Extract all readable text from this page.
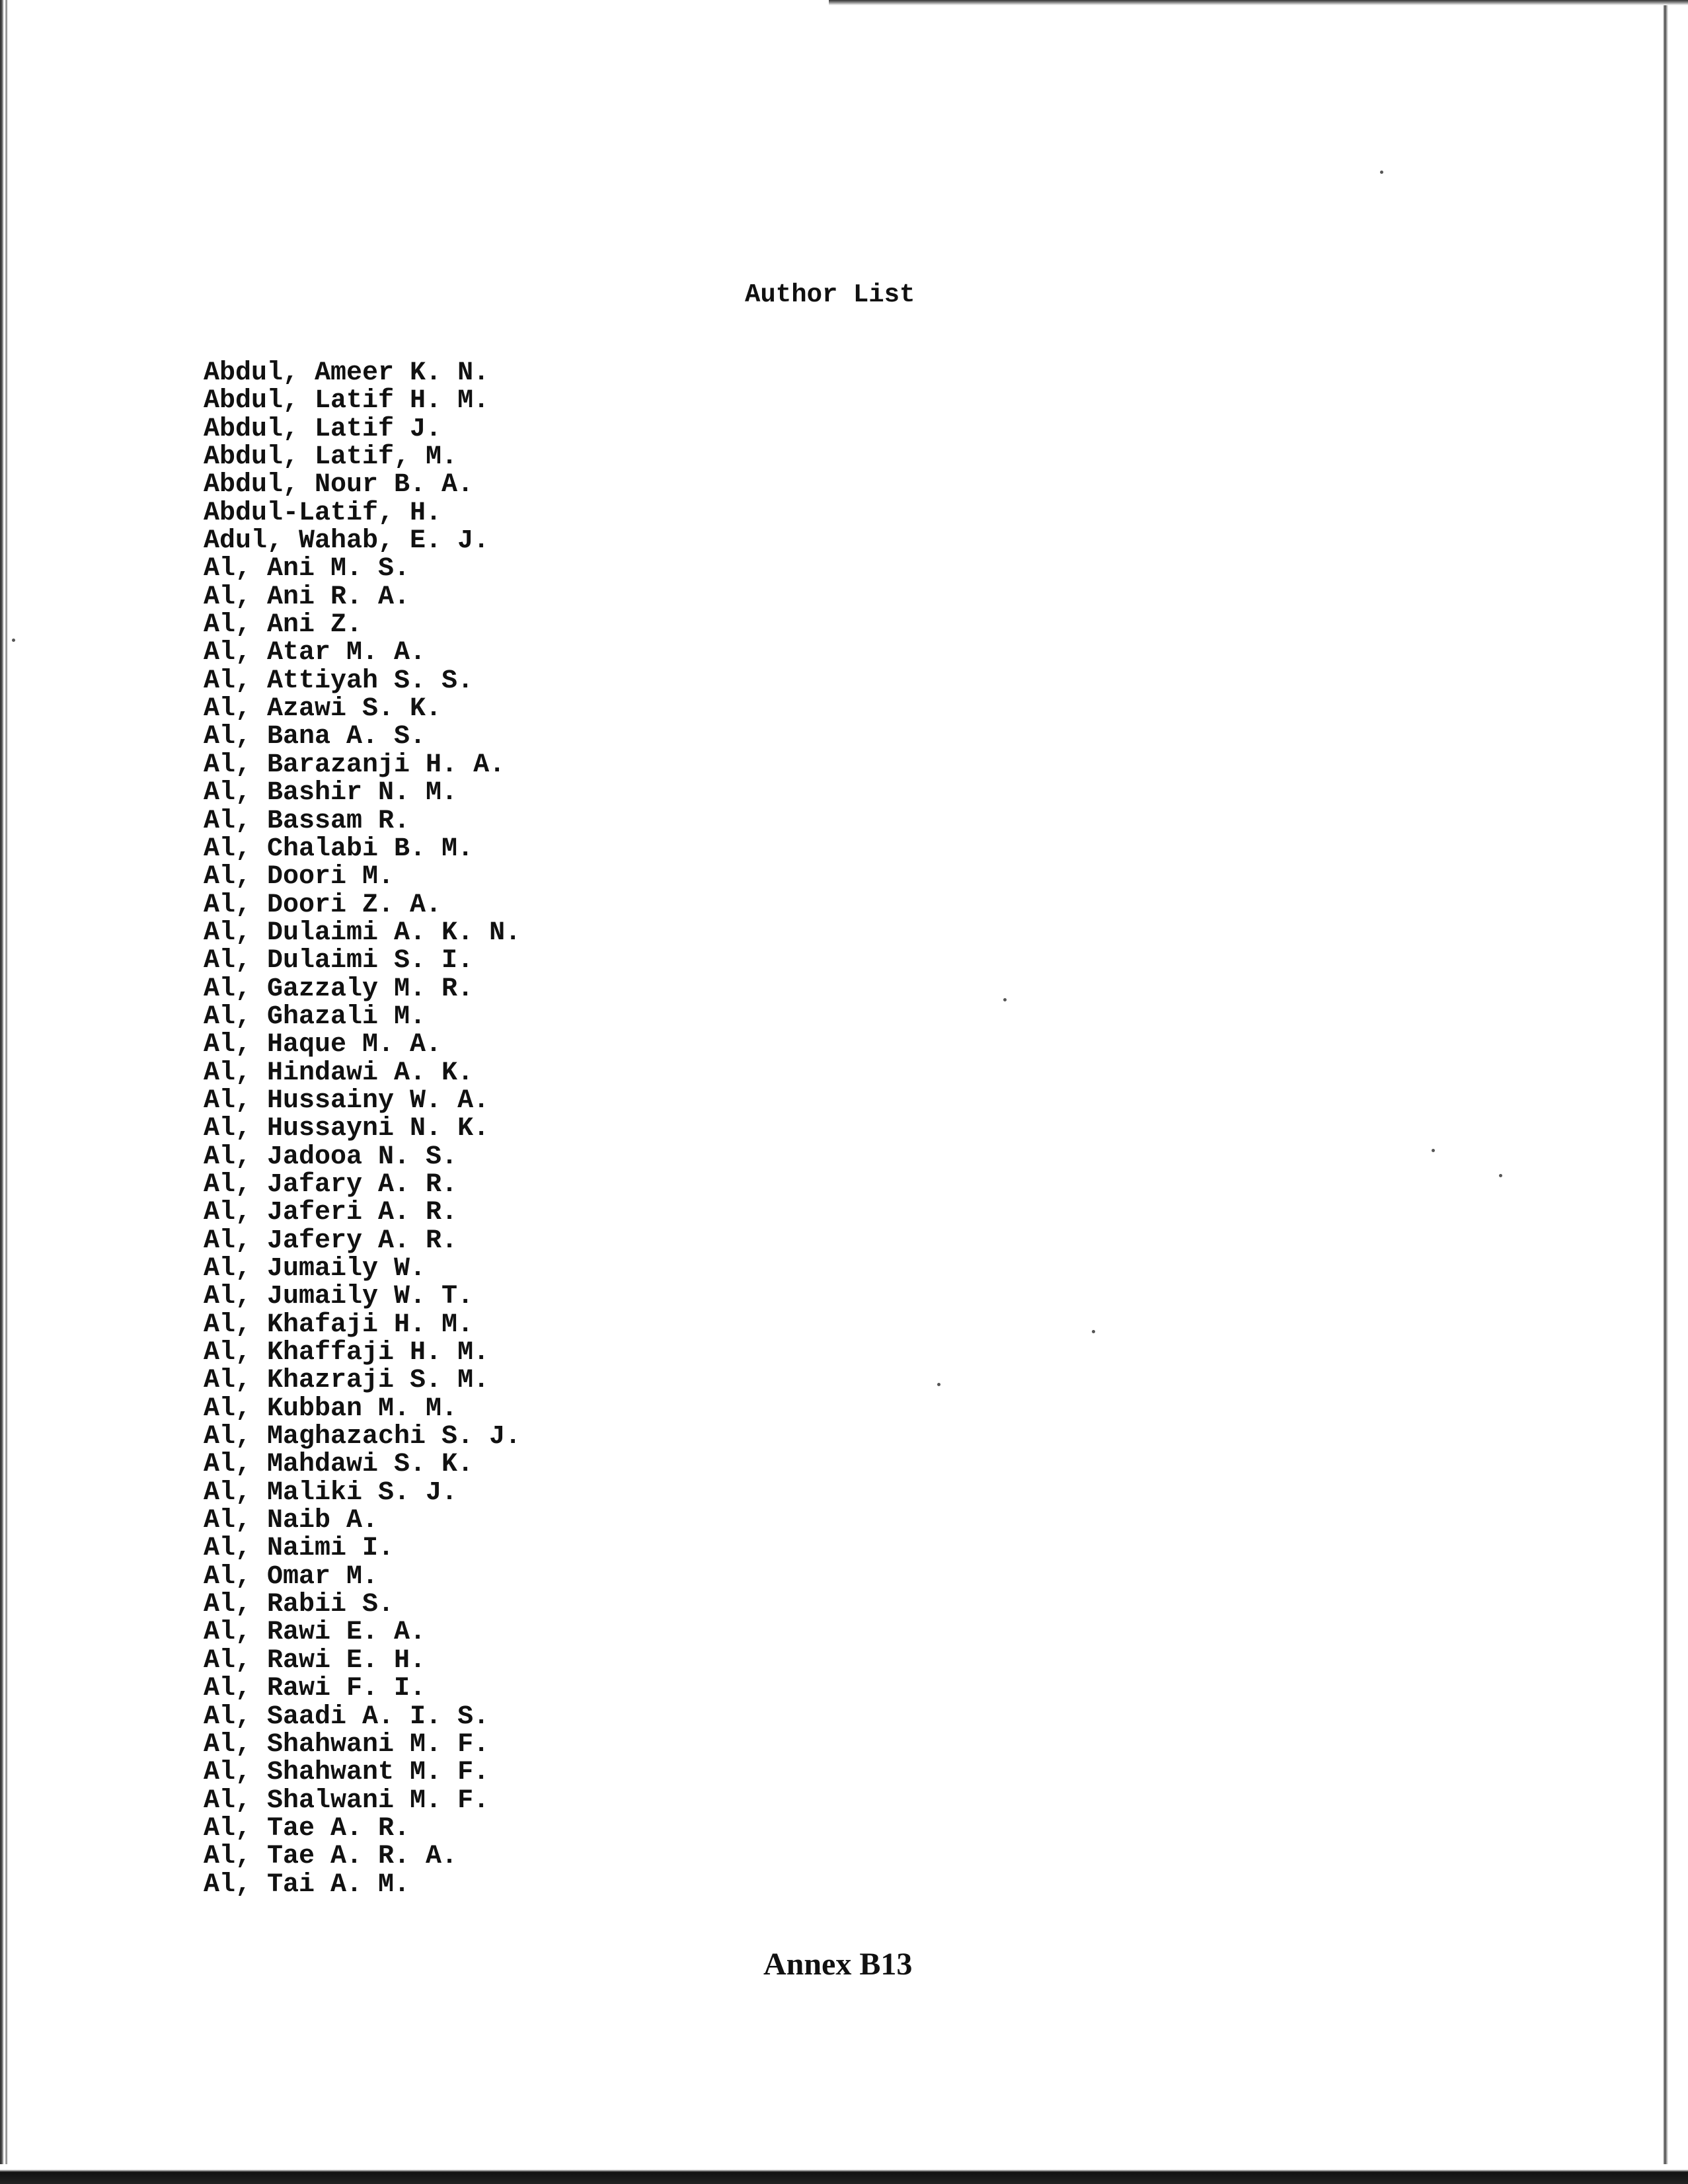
Author List
Abdul, Ameer K. N.
Abdul, Latif H. M.
Abdul, Latif J.
Abdul, Latif, M.
Abdul, Nour B. A.
Abdul-Latif, H.
Adul, Wahab, E. J.
Al, Ani M. S.
Al, Ani R. A.
Al, Ani Z.
Al, Atar M. A.
Al, Attiyah S. S.
Al, Azawi S. K.
Al, Bana A. S.
Al, Barazanji H. A.
Al, Bashir N. M.
Al, Bassam R.
Al, Chalabi B. M.
Al, Doori M.
Al, Doori Z. A.
Al, Dulaimi A. K. N.
Al, Dulaimi S. I.
Al, Gazzaly M. R.
Al, Ghazali M.
Al, Haque M. A.
Al, Hindawi A. K.
Al, Hussainy W. A.
Al, Hussayni N. K.
Al, Jadooa N. S.
Al, Jafary A. R.
Al, Jaferi A. R.
Al, Jafery A. R.
Al, Jumaily W.
Al, Jumaily W. T.
Al, Khafaji H. M.
Al, Khaffaji H. M.
Al, Khazraji S. M.
Al, Kubban M. M.
Al, Maghazachi S. J.
Al, Mahdawi S. K.
Al, Maliki S. J.
Al, Naib A.
Al, Naimi I.
Al, Omar M.
Al, Rabii S.
Al, Rawi E. A.
Al, Rawi E. H.
Al, Rawi F. I.
Al, Saadi A. I. S.
Al, Shahwani M. F.
Al, Shahwant M. F.
Al, Shalwani M. F.
Al, Tae A. R.
Al, Tae A. R. A.
Al, Tai A. M.
Annex B13
